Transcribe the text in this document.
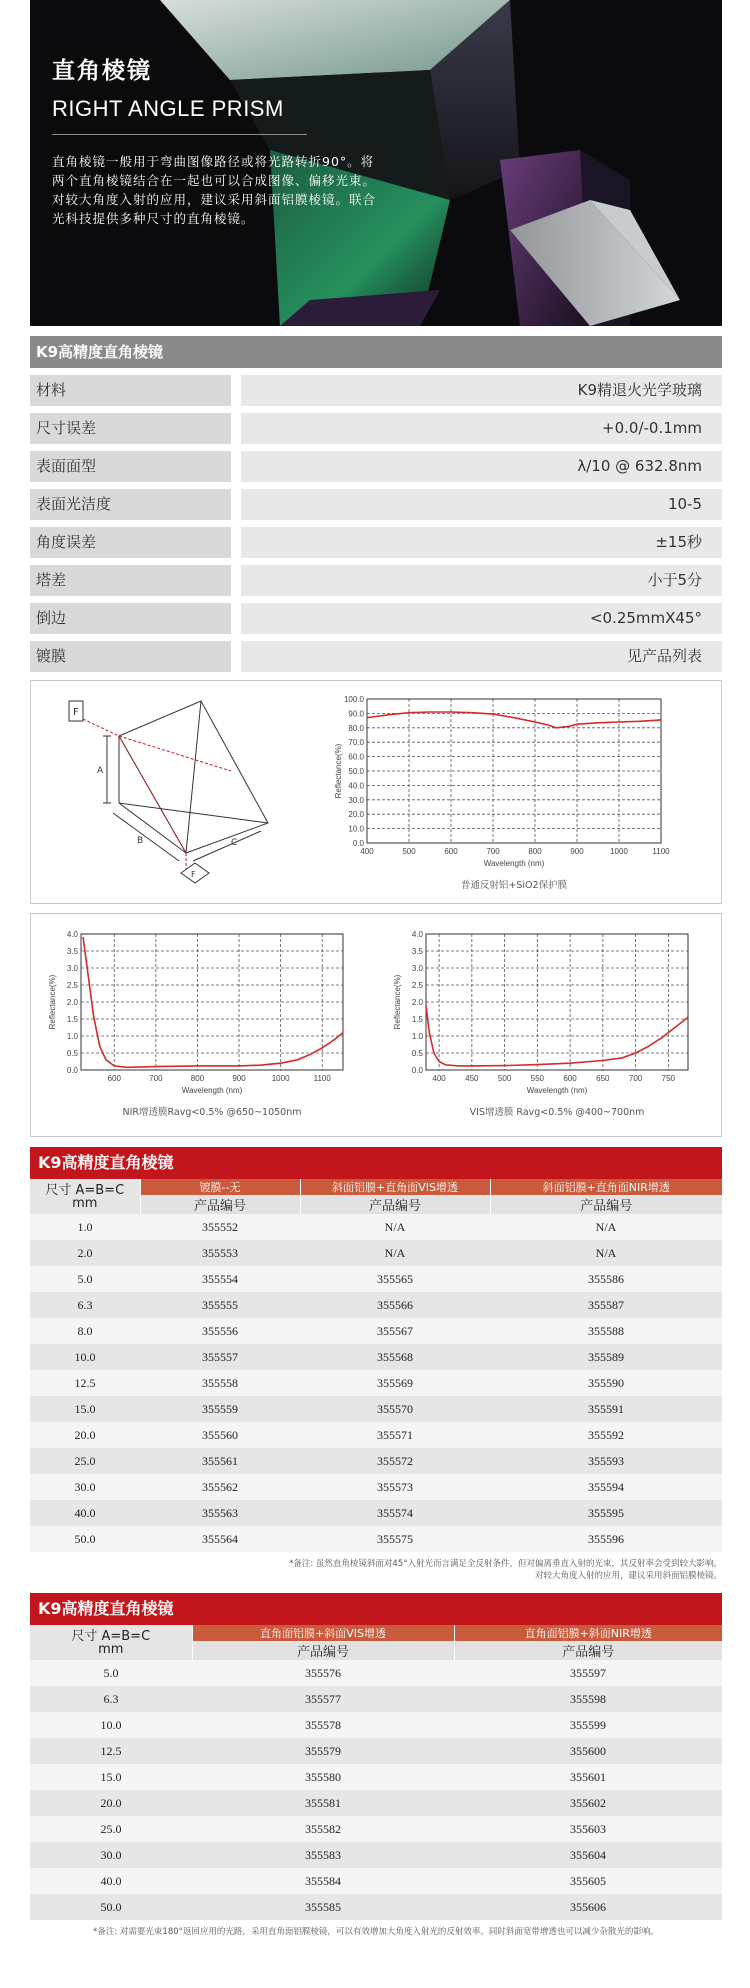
直角棱镜
RIGHT ANGLE PRISM
直角棱镜一般用于弯曲图像路径或将光路转折90°。将两个直角棱镜结合在一起也可以合成图像、偏移光束。对较大角度入射的应用，建议采用斜面铝膜棱镜。联合光科技提供多种尺寸的直角棱镜。
K9高精度直角棱镜
材料	K9精退火光学玻璃
尺寸误差	+0.0/-0.1mm
表面面型	λ/10 @ 632.8nm
表面光洁度	10-5
角度误差	±15秒
塔差	小于5分
倒边	<0.25mmX45°
镀膜	见产品列表
F
A
B	C
F
0.0
10.0
20.0
30.0
40.0
50.0
60.0
70.0
80.0
90.0
100.0
400	500	600	700	800	900	1000	1100
Wavelength (nm)
Reflectance(%)
普通反射铝+SiO2保护膜
0.0
0.5
1.0
1.5
2.0
2.5
3.0
3.5
4.0
600	700	800	900	1000	1100
Wavelength (nm)
Reflectance(%)
NIR增透膜Ravg<0.5% @650~1050nm
0.0
0.5
1.0
1.5
2.0
2.5
3.0
3.5
4.0
400 450 500 550 600 650 700 750
Wavelength (nm)
Reflectance(%)
VIS增透膜 Ravg<0.5% @400~700nm
K9高精度直角棱镜
尺寸 A=B=C
mm	镀膜--无	斜面铝膜+直角面VIS增透	斜面铝膜+直角面NIR增透
	产品编号	产品编号	产品编号
1.0	355552	N/A	N/A
2.0	355553	N/A	N/A
5.0	355554	355565	355586
6.3	355555	355566	355587
8.0	355556	355567	355588
10.0	355557	355568	355589
12.5	355558	355569	355590
15.0	355559	355570	355591
20.0	355560	355571	355592
25.0	355561	355572	355593
30.0	355562	355573	355594
40.0	355563	355574	355595
50.0	355564	355575	355596
*备注: 虽然直角棱镜斜面对45°入射光而言满足全反射条件，但对偏离垂直入射的光束，其反射率会受到较大影响。
对较大角度入射的应用，建议采用斜面铝膜棱镜。
K9高精度直角棱镜
尺寸 A=B=C
mm	直角面铝膜+斜面VIS增透	直角面铝膜+斜面NIR增透
	产品编号	产品编号
5.0	355576	355597
6.3	355577	355598
10.0	355578	355599
12.5	355579	355600
15.0	355580	355601
20.0	355581	355602
25.0	355582	355603
30.0	355583	355604
40.0	355584	355605
50.0	355585	355606
*备注: 对需要光束180°返回应用的光路，采用直角面铝膜棱镜，可以有效增加大角度入射光的反射效率。同时斜面宽带增透也可以减少杂散光的影响。
